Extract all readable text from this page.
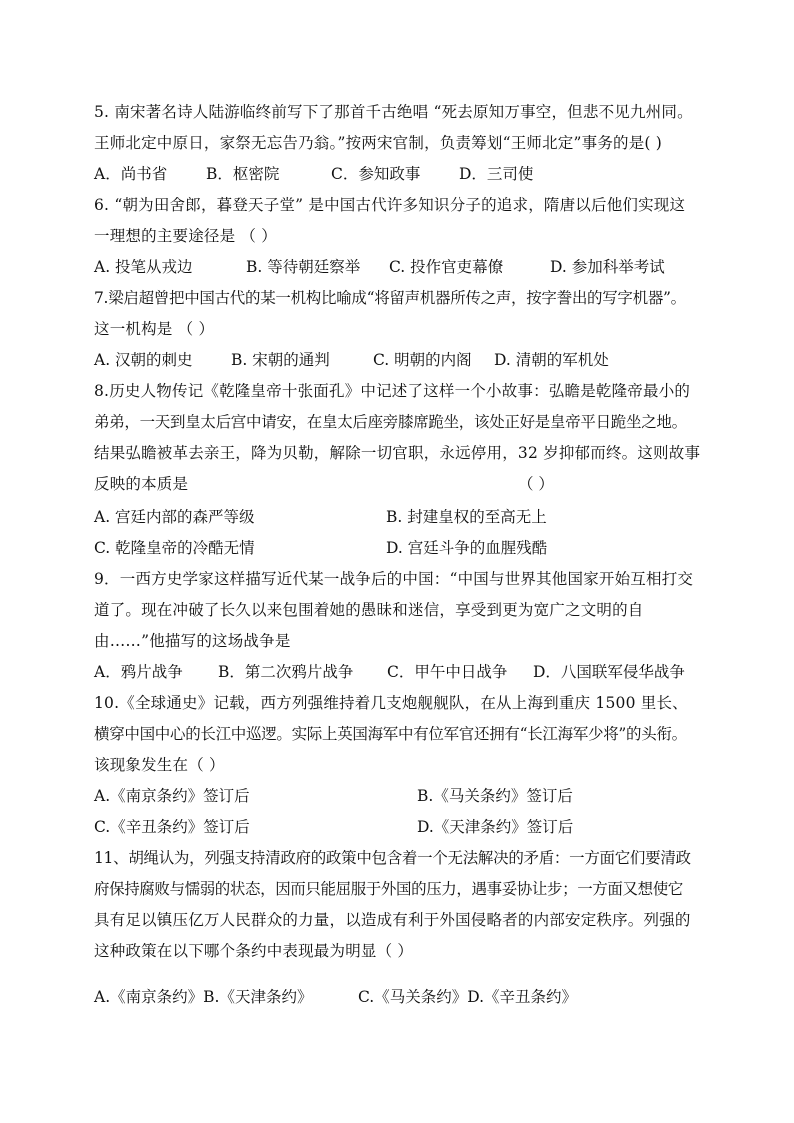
5. 南宋著名诗人陆游临终前写下了那首千古绝唱 “死去原知万事空，但悲不见九州同。
王师北定中原日，家祭无忘告乃翁。”按两宋官制，负责筹划“王师北定”事务的是( )
A．尚书省	B．枢密院	C．参知政事 D．三司使
6. “朝为田舍郎，暮登天子堂” 是中国古代许多知识分子的追求，隋唐以后他们实现这
一理想的主要途径是 （ ）
A. 投笔从戎边	B. 等待朝廷察举 C. 投作官吏幕僚	D. 参加科举考试
7.梁启超曾把中国古代的某一机构比喻成“将留声机器所传之声，按字誊出的写字机器”。
这一机构是 （ ）
A. 汉朝的刺史 B. 宋朝的通判	C. 明朝的内阁 D. 清朝的军机处
8.历史人物传记《乾隆皇帝十张面孔》中记述了这样一个小故事：弘瞻是乾隆帝最小的
弟弟，一天到皇太后宫中请安，在皇太后座旁膝席跪坐，该处正好是皇帝平日跪坐之地。
结果弘瞻被革去亲王，降为贝勒，解除一切官职，永远停用，32 岁抑郁而终。这则故事
反映的本质是	（ ）
A. 宫廷内部的森严等级	B. 封建皇权的至高无上
C. 乾隆皇帝的冷酷无情	D. 宫廷斗争的血腥残酷
9．一西方史学家这样描写近代某一战争后的中国：“中国与世界其他国家开始互相打交
道了。现在冲破了长久以来包围着她的愚昧和迷信，享受到更为宽广之文明的自
由……”他描写的这场战争是
A．鸦片战争 B．第二次鸦片战争 C．甲午中日战争 D．八国联军侵华战争
10.《全球通史》记载，西方列强维持着几支炮舰舰队，在从上海到重庆 1500 里长、
横穿中国中心的长江中巡逻。实际上英国海军中有位军官还拥有“长江海军少将”的头衔。
该现象发生在（ ）
A.《南京条约》签订后	B.《马关条约》签订后
C.《辛丑条约》签订后	D.《天津条约》签订后
11、胡绳认为，列强支持清政府的政策中包含着一个无法解决的矛盾：一方面它们要清政
府保持腐败与懦弱的状态，因而只能屈服于外国的压力，遇事妥协让步；一方面又想使它
具有足以镇压亿万人民群众的力量，以造成有利于外国侵略者的内部安定秩序。列强的
这种政策在以下哪个条约中表现最为明显（ ）
A.《南京条约》B.《天津条约》	C.《马关条约》D.《辛丑条约》
